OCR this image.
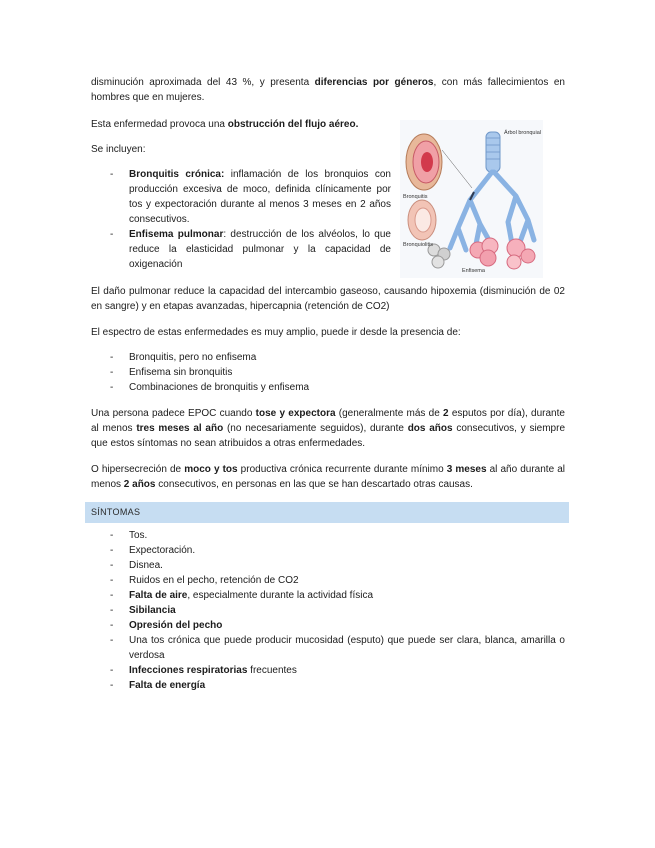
disminución aproximada del 43 %, y presenta diferencias por géneros, con más fallecimientos en hombres que en mujeres.

Esta enfermedad provoca una obstrucción del flujo aéreo.

Se incluyen:

- Bronquitis crónica: inflamación de los bronquios con producción excesiva de moco, definida clínicamente por tos y expectoración durante al menos 3 meses en 2 años consecutivos.
- Enfisema pulmonar: destrucción de los alvéolos, lo que reduce la elasticidad pulmonar y la capacidad de oxigenación
Árbol bronquial
Bronquitis
Bronquiolitis
Enfisema

El daño pulmonar reduce la capacidad del intercambio gaseoso, causando hipoxemia (disminución de 02 en sangre) y en etapas avanzadas, hipercapnia (retención de CO2)

El espectro de estas enfermedades es muy amplio, puede ir desde la presencia de:

- Bronquitis, pero no enfisema
- Enfisema sin bronquitis
- Combinaciones de bronquitis y enfisema

Una persona padece EPOC cuando tose y expectora (generalmente más de 2 esputos por día), durante al menos tres meses al año (no necesariamente seguidos), durante dos años consecutivos, y siempre que estos síntomas no sean atribuidos a otras enfermedades.

O hipersecreción de moco y tos productiva crónica recurrente durante mínimo 3 meses al año durante al menos 2 años consecutivos, en personas en las que se han descartado otras causas.

SÍNTOMAS
- Tos.
- Expectoración.
- Disnea.
- Ruidos en el pecho, retención de CO2
- Falta de aire, especialmente durante la actividad física
- Sibilancia
- Opresión del pecho
- Una tos crónica que puede producir mucosidad (esputo) que puede ser clara, blanca, amarilla o verdosa
- Infecciones respiratorias frecuentes
- Falta de energía
